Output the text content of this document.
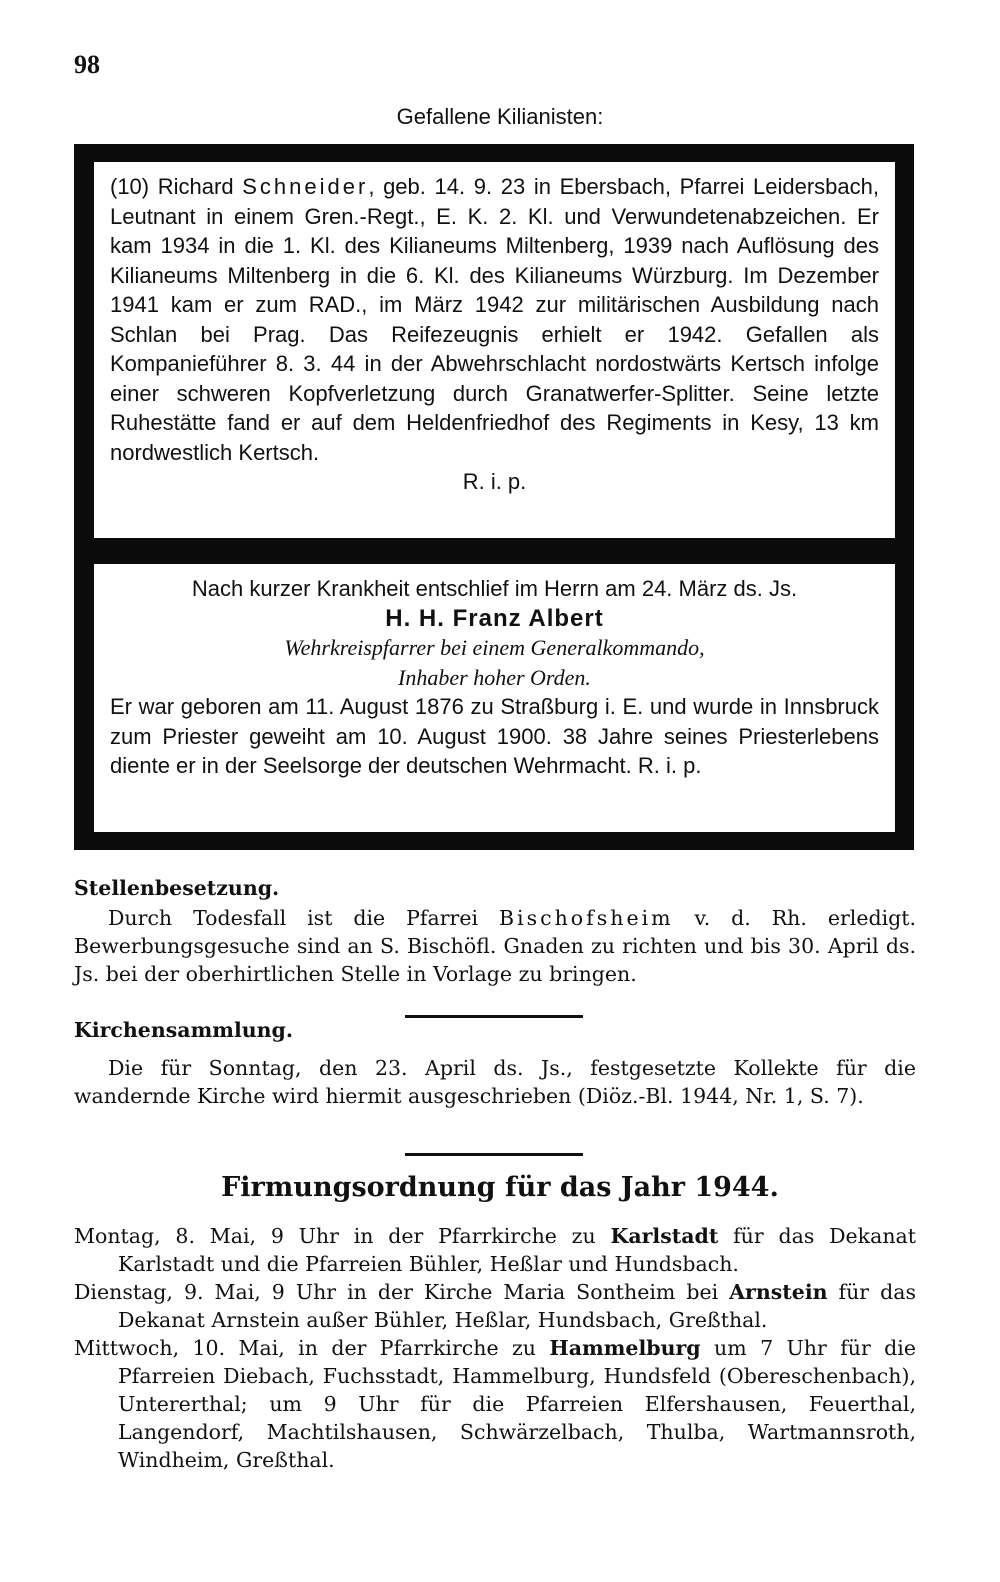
98
Gefallene Kilianisten:

(10) Richard Schneider, geb. 14. 9. 23 in Ebersbach, Pfarrei Leidersbach, Leutnant in einem Gren.-Regt., E. K. 2. Kl. und Verwundetenabzeichen. Er kam 1934 in die 1. Kl. des Kilianeums Miltenberg, 1939 nach Auflösung des Kilianeums Miltenberg in die 6. Kl. des Kilianeums Würzburg. Im Dezember 1941 kam er zum RAD., im März 1942 zur militärischen Ausbildung nach Schlan bei Prag. Das Reifezeugnis erhielt er 1942. Gefallen als Kompanieführer 8. 3. 44 in der Abwehrschlacht nordostwärts Kertsch infolge einer schweren Kopfverletzung durch Granatwerfer-Splitter. Seine letzte Ruhestätte fand er auf dem Heldenfriedhof des Regiments in Kesy, 13 km nordwestlich Kertsch.

R. i. p.
Nach kurzer Krankheit entschlief im Herrn am 24. März ds. Js.
H. H. Franz Albert
Wehrkreispfarrer bei einem Generalkommando,
Inhaber hoher Orden.

Er war geboren am 11. August 1876 zu Straßburg i. E. und wurde in Innsbruck zum Priester geweiht am 10. August 1900. 38 Jahre seines Priesterlebens diente er in der Seelsorge der deutschen Wehrmacht. R. i. p.

Stellenbesetzung.

Durch Todesfall ist die Pfarrei Bischofsheim v. d. Rh. erledigt. Bewerbungsgesuche sind an S. Bischöfl. Gnaden zu richten und bis 30. April ds. Js. bei der oberhirtlichen Stelle in Vorlage zu bringen.

Kirchensammlung.

Die für Sonntag, den 23. April ds. Js., festgesetzte Kollekte für die wandernde Kirche wird hiermit ausgeschrieben (Diöz.-Bl. 1944, Nr. 1, S. 7).

Firmungsordnung für das Jahr 1944.

Montag, 8. Mai, 9 Uhr in der Pfarrkirche zu Karlstadt für das Dekanat Karlstadt und die Pfarreien Bühler, Heßlar und Hundsbach.

Dienstag, 9. Mai, 9 Uhr in der Kirche Maria Sontheim bei Arnstein für das Dekanat Arnstein außer Bühler, Heßlar, Hundsbach, Greßthal.

Mittwoch, 10. Mai, in der Pfarrkirche zu Hammelburg um 7 Uhr für die Pfarreien Diebach, Fuchsstadt, Hammelburg, Hundsfeld (Obereschenbach), Untererthal; um 9 Uhr für die Pfarreien Elfershausen, Feuerthal, Langendorf, Machtilshausen, Schwärzelbach, Thulba, Wartmannsroth, Windheim, Greßthal.
